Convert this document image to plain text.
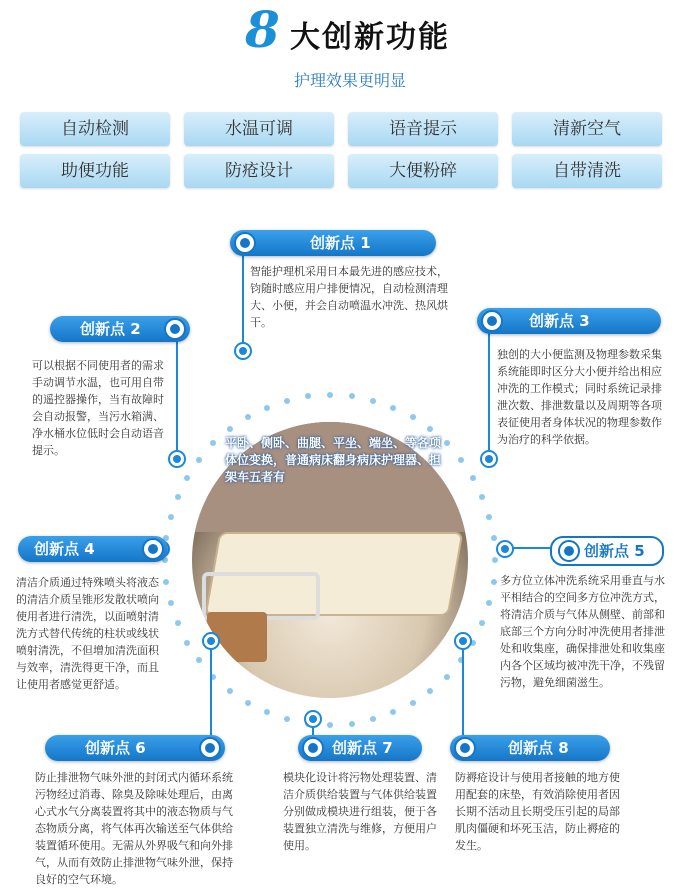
8 大创新功能
护理效果更明显
自动检测	水温可调	语音提示	清新空气
助便功能	防疮设计	大便粉碎	自带清洗
平卧、侧卧、曲腿、平坐、端坐、等各项体位变换，普通病床翻身病床护理器、担架车五者有
创新点 1
智能护理机采用日本最先进的感应技术，钧随时感应用户排便情况，自动检测清理大、小便，并会自动喷温水冲洗、热风烘干。
创新点 2
可以根据不同使用者的需求手动调节水温，也可用自带的遥控器操作，当有故障时会自动报警，当污水箱满、净水桶水位低时会自动语音提示。
创新点 3
独创的大小便监测及物理参数采集系统能即时区分大小便并给出相应冲洗的工作模式；同时系统记录排泄次数、排泄数量以及周期等各项表征使用者身体状况的物理参数作为治疗的科学依据。
创新点 4
清洁介质通过特殊喷头将液态的清洁介质呈锥形发散状喷向使用者进行清洗，以面喷射清洗方式替代传统的柱状或线状喷射清洗，不但增加清洗面积与效率，清洗得更干净，而且让使用者感觉更舒适。
创新点 5
多方位立体冲洗系统采用垂直与水平相结合的空间多方位冲洗方式，将清洁介质与气体从侧壁、前部和底部三个方向分时冲洗使用者排泄处和收集座，确保排泄处和收集座内各个区域均被冲洗干净，不残留污物，避免细菌滋生。
创新点 6
防止排泄物气味外泄的封闭式内循环系统污物经过消毒、除臭及除味处理后，由离心式水气分离装置将其中的液态物质与气态物质分离，将气体再次输送至气体供给装置循环使用。无需从外界吸气和向外排气，从而有效防止排泄物气味外泄，保持良好的空气环境。
创新点 7
模块化设计将污物处理装置、清洁介质供给装置与气体供给装置分别做成模块进行组装，便于各装置独立清洗与维修，方便用户使用。
创新点 8
防褥疮设计与使用者接触的地方使用配套的床垫，有效消除使用者因长期不活动且长期受压引起的局部肌肉僵硬和坏死玉洁，防止褥疮的发生。
